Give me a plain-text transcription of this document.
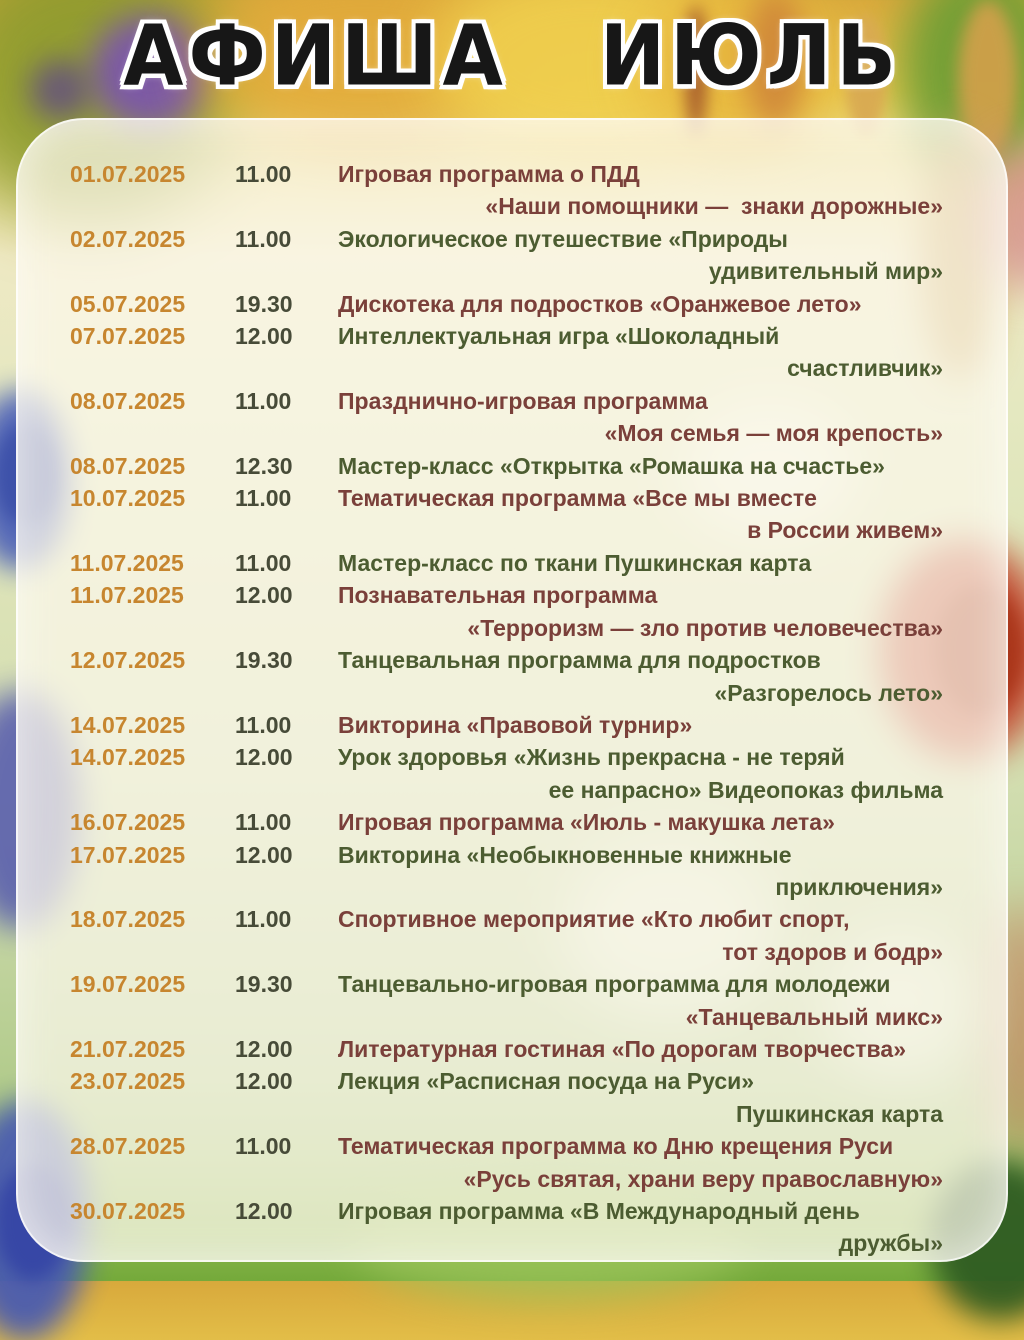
АФИША ИЮЛЬ
01.07.2025	11.00	Игровая программа о ПДД
«Наши помощники —  знаки дорожные»
02.07.2025	11.00	Экологическое путешествие «Природы
удивительный мир»
05.07.2025	19.30	Дискотека для подростков «Оранжевое лето»
07.07.2025	12.00	Интеллектуальная игра «Шоколадный
счастливчик»
08.07.2025	11.00	Празднично-игровая программа
«Моя семья — моя крепость»
08.07.2025	12.30	Мастер-класс «Открытка «Ромашка на счастье»
10.07.2025	11.00	Тематическая программа «Все мы вместе
в России живем»
11.07.2025	11.00	Мастер-класс по ткани Пушкинская карта
11.07.2025	12.00	Познавательная программа
«Терроризм — зло против человечества»
12.07.2025	19.30	Танцевальная программа для подростков
«Разгорелось лето»
14.07.2025	11.00	Викторина «Правовой турнир»
14.07.2025	12.00	Урок здоровья «Жизнь прекрасна - не теряй
ее напрасно» Видеопоказ фильма
16.07.2025	11.00	Игровая программа «Июль - макушка лета»
17.07.2025	12.00	Викторина «Необыкновенные книжные
приключения»
18.07.2025	11.00	Спортивное мероприятие «Кто любит спорт,
тот здоров и бодр»
19.07.2025	19.30	Танцевально-игровая программа для молодежи
«Танцевальный микс»
21.07.2025	12.00	Литературная гостиная «По дорогам творчества»
23.07.2025	12.00	Лекция «Расписная посуда на Руси»
Пушкинская карта
28.07.2025	11.00	Тематическая программа ко Дню крещения Руси
«Русь святая, храни веру православную»
30.07.2025	12.00	Игровая программа «В Международный день
дружбы»
